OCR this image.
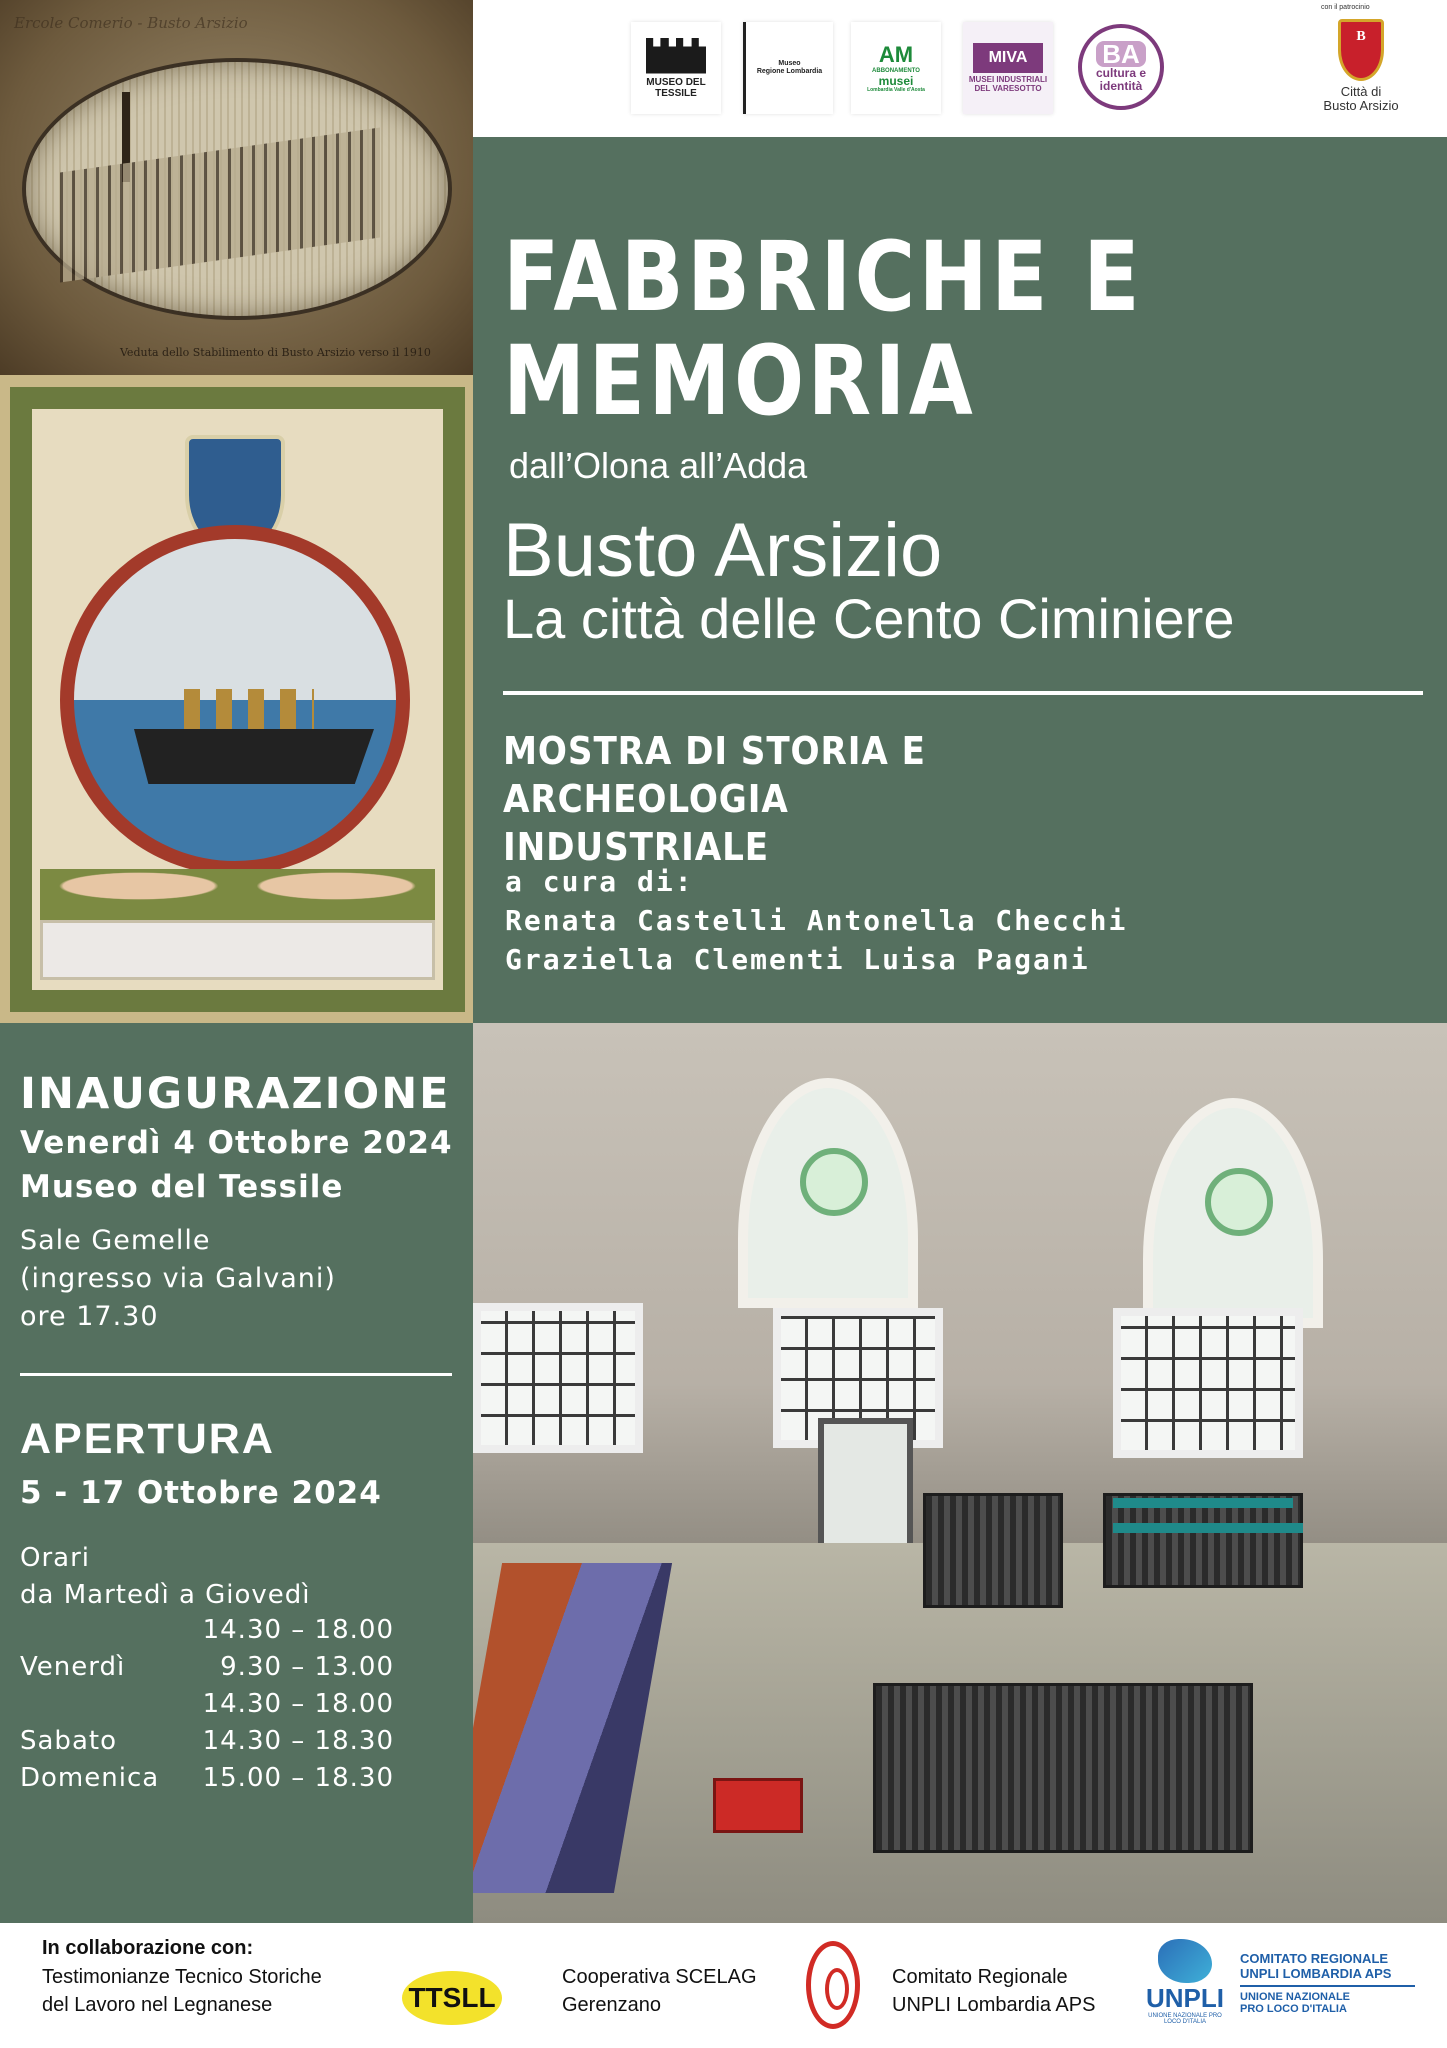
Ercole Comerio - Busto Arsizio
Veduta dello Stabilimento di Busto Arsizio verso il 1910
MUSEO DEL TESSILE
Museo
Regione Lombardia
AM
ABBONAMENTO
musei
Lombardia Valle d'Aosta
MIVA
MUSEI INDUSTRIALI DEL VARESOTTO
BA
cultura e identità
con il patrocinio
B
Città di
Busto Arsizio
FABBRICHE E
MEMORIA
dall’Olona all’Adda
Busto Arsizio
La città delle Cento Ciminiere
MOSTRA DI STORIA E ARCHEOLOGIA
INDUSTRIALE
a cura di:
Renata Castelli Antonella Checchi
Graziella Clementi Luisa Pagani
INAUGURAZIONE
Venerdì 4 Ottobre 2024
Museo del Tessile
Sale Gemelle
(ingresso via Galvani)
ore 17.30
APERTURA
5 - 17 Ottobre 2024
Orari
da Martedì a Giovedì
14.30 – 18.00
Venerdì	9.30 – 13.00
14.30 – 18.00
Sabato	14.30 – 18.30
Domenica 15.00 – 18.30
In collaborazione con:
Testimonianze Tecnico Storiche
del Lavoro nel Legnanese	TTSLL
Cooperativa SCELAG
Gerenzano
Comitato Regionale
UNPLI Lombardia APS UNPLI
UNIONE NAZIONALE PRO LOCO D'ITALIA
COMITATO REGIONALE
UNPLI LOMBARDIA APS
UNIONE NAZIONALE
PRO LOCO D'ITALIA
